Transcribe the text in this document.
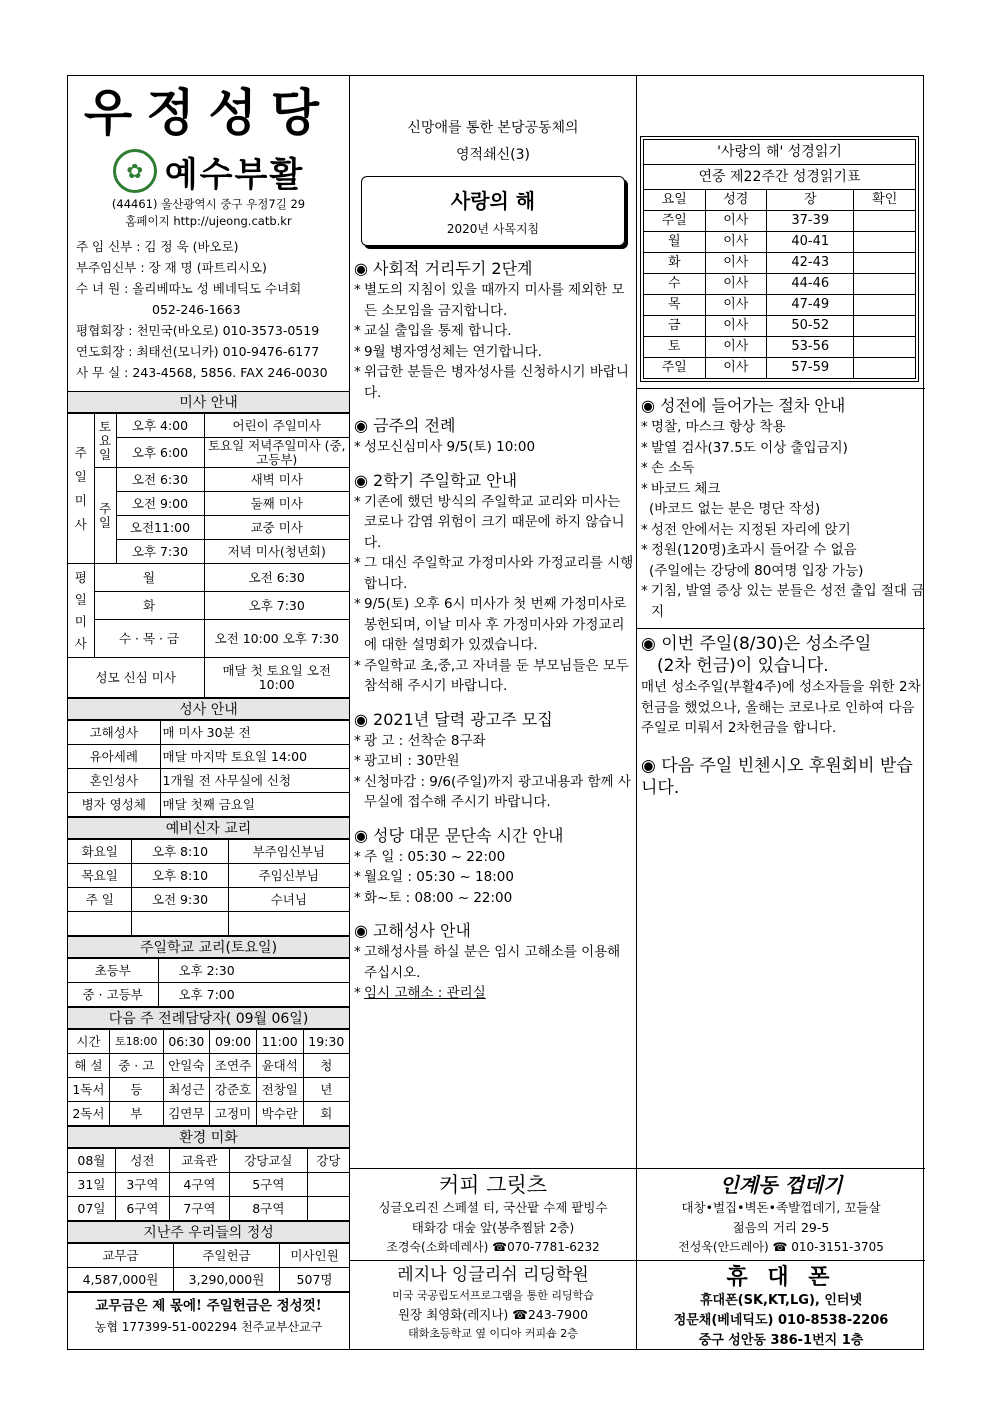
우정성당
✿ 예수부활
(44461) 울산광역시 중구 우정7길 29
홈페이지 http://ujeong.catb.kr
주 임 신부 : 김 정 욱 (바오로)
부주임신부 : 장 재 명 (파트리시오)
수 녀 원 : 올리베따노 성 베네딕도 수녀회
052-246-1663
평협회장 : 천민국(바오로) 010-3573-0519
연도회장 : 최태선(모니카) 010-9476-6177
사 무 실 : 243-4568, 5856. FAX 246-0030
미사 안내
주일미사	토요일	오후 4:00	어린이 주일미사
		오후 6:00	토요일 저녁주일미사 (중,고등부)
	주일	오전 6:30	새벽 미사
		오전 9:00	둘째 미사
		오전11:00	교중 미사
		오후 7:30	저녁 미사(청년회)
평일미사	월		오전 6:30
	화		오후 7:30
	수 · 목 · 금		오전 10:00 오후 7:30
성모 신심 미사			매달 첫 토요일 오전 10:00
성사 안내
고해성사	매 미사 30분 전
유아세례	매달 마지막 토요일 14:00
혼인성사	1개월 전 사무실에 신청
병자 영성체	매달 첫째 금요일
예비신자 교리
화요일	오후 8:10	부주임신부님
목요일	오후 8:10	주임신부님
주 일	오전 9:30	수녀님

주일학교 교리(토요일)
초등부	오후 2:30
중 · 고등부	오후 7:00
다음 주 전례담당자( 09월 06일)
시간	토18:00	06:30	09:00	11:00	19:30
해 설	중 · 고	안일숙	조연주	윤대석	청
1독서	등	최성근	강준호	전창일	년
2독서	부	김연무	고정미	박수란	회
환경 미화
08월	성전	교육관	강당교실	강당
31일	3구역	4구역	5구역	
07일	6구역	7구역	8구역	
지난주 우리들의 정성
교무금	주일헌금	미사인원
4,587,000원	3,290,000원	507명
교무금은 제 몫에! 주일헌금은 정성껏!
농협 177399-51-002294 천주교부산교구
신망애를 통한 본당공동체의
영적쇄신(3)
사랑의 해
2020년 사목지침
◉ 사회적 거리두기 2단계
* 별도의 지침이 있을 때까지 미사를 제외한 모든 소모임을 금지합니다.
* 교실 출입을 통제 합니다.
* 9월 병자영성체는 연기합니다.
* 위급한 분들은 병자성사를 신청하시기 바랍니다.
◉ 금주의 전례
* 성모신심미사 9/5(토) 10:00
◉ 2학기 주일학교 안내
* 기존에 했던 방식의 주일학교 교리와 미사는 코로나 감염 위험이 크기 때문에 하지 않습니다.
* 그 대신 주일학교 가정미사와 가정교리를 시행 합니다.
* 9/5(토) 오후 6시 미사가 첫 번째 가정미사로 봉헌되며, 이날 미사 후 가정미사와 가정교리에 대한 설명회가 있겠습니다.
* 주일학교 초,중,고 자녀를 둔 부모님들은 모두 참석해 주시기 바랍니다.
◉ 2021년 달력 광고주 모집
* 광 고 : 선착순 8구좌
* 광고비 : 30만원
* 신청마감 : 9/6(주일)까지 광고내용과 함께 사무실에 접수해 주시기 바랍니다.
◉ 성당 대문 문단속 시간 안내
* 주 일 : 05:30 ~ 22:00
* 월요일 : 05:30 ~ 18:00
* 화~토 : 08:00 ~ 22:00
◉ 고해성사 안내
* 고해성사를 하실 분은 임시 고해소를 이용해 주십시오.
* 임시 고해소 : 관리실
커피 그릿츠
싱글오리진 스페셜 티, 국산팥 수제 팥빙수
태화강 대숲 앞(봉추찜닭 2층)
조경숙(소화데레사) ☎070-7781-6232
레지나 잉글리쉬 리딩학원
미국 국공립도서프로그램을 통한 리딩학습
원장 최영화(레지나) ☎243-7900
태화초등학교 옆 이디아 커피숍 2층
'사랑의 해' 성경읽기
연중 제22주간 성경읽기표
요일	성경	장	확인
주일	이사	37-39	
월	이사	40-41	
화	이사	42-43	
수	이사	44-46	
목	이사	47-49	
금	이사	50-52	
토	이사	53-56	
주일	이사	57-59	
◉ 성전에 들어가는 절차 안내
* 명찰, 마스크 항상 착용
* 발열 검사(37.5도 이상 출입금지)
* 손 소독
* 바코드 체크
(바코드 없는 분은 명단 작성)
* 성전 안에서는 지정된 자리에 앉기
* 정원(120명)초과시 들어갈 수 없음
(주일에는 강당에 80여명 입장 가능)
* 기침, 발열 증상 있는 분들은 성전 출입 절대 금지
◉ 이번 주일(8/30)은 성소주일
(2차 헌금)이 있습니다.
매년 성소주일(부활4주)에 성소자들을 위한 2차헌금을 했었으나, 올해는 코로나로 인하여 다음 주일로 미뤄서 2차헌금을 합니다.
◉ 다음 주일 빈첸시오 후원회비 받습니다.
인계동 껍데기
대창•벌집•벽돈•족발껍데기, 꼬들살
젊음의 거리 29-5
전성욱(안드레아) ☎ 010-3151-3705
휴 대 폰
휴대폰(SK,KT,LG), 인터넷
정문채(베네딕도) 010-8538-2206
중구 성안동 386-1번지 1층
